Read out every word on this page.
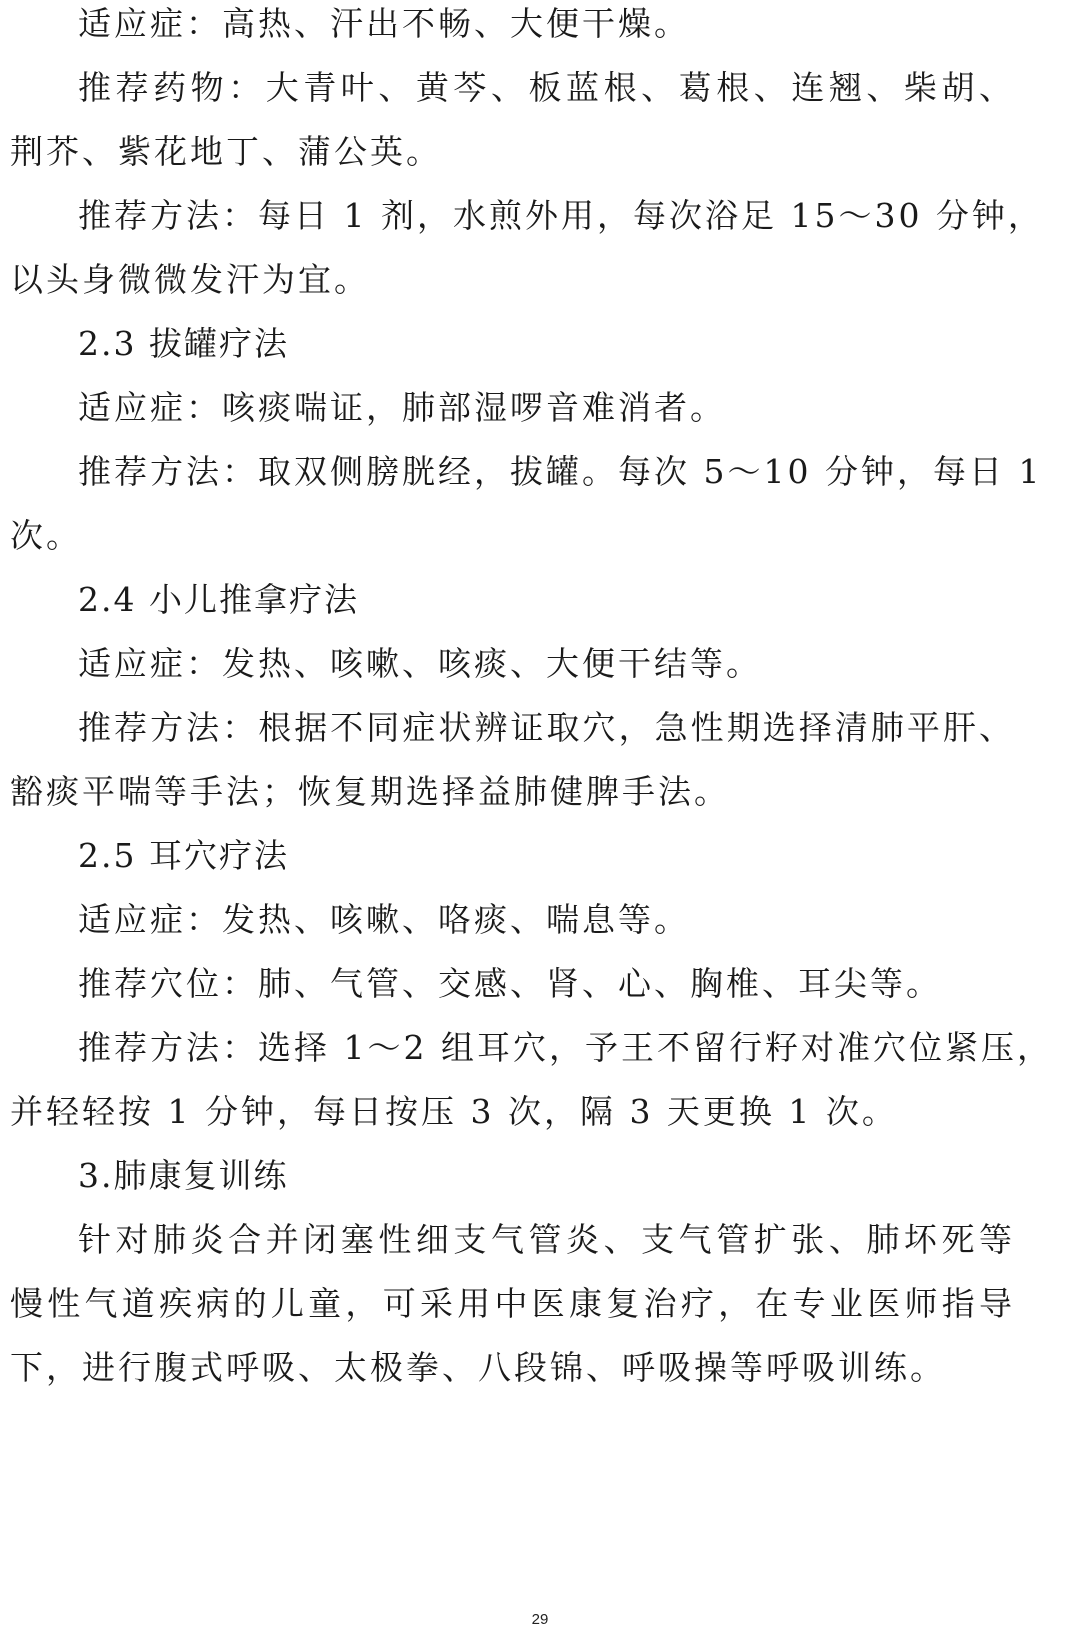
适应症：高热、汗出不畅、大便干燥。
推荐药物：大青叶、黄芩、板蓝根、葛根、连翘、柴胡、
荆芥、紫花地丁、蒲公英。
推荐方法：每日 1 剂，水煎外用，每次浴足 15～30 分钟，
以头身微微发汗为宜。
2.3 拔罐疗法
适应症：咳痰喘证，肺部湿啰音难消者。
推荐方法：取双侧膀胱经，拔罐。每次 5～10 分钟，每日 1
次。
2.4 小儿推拿疗法
适应症：发热、咳嗽、咳痰、大便干结等。
推荐方法：根据不同症状辨证取穴，急性期选择清肺平肝、
豁痰平喘等手法；恢复期选择益肺健脾手法。
2.5 耳穴疗法
适应症：发热、咳嗽、咯痰、喘息等。
推荐穴位：肺、气管、交感、肾、心、胸椎、耳尖等。
推荐方法：选择 1～2 组耳穴，予王不留行籽对准穴位紧压，
并轻轻按 1 分钟，每日按压 3 次，隔 3 天更换 1 次。
3.肺康复训练
针对肺炎合并闭塞性细支气管炎、支气管扩张、肺坏死等
慢性气道疾病的儿童，可采用中医康复治疗，在专业医师指导
下，进行腹式呼吸、太极拳、八段锦、呼吸操等呼吸训练。
29
